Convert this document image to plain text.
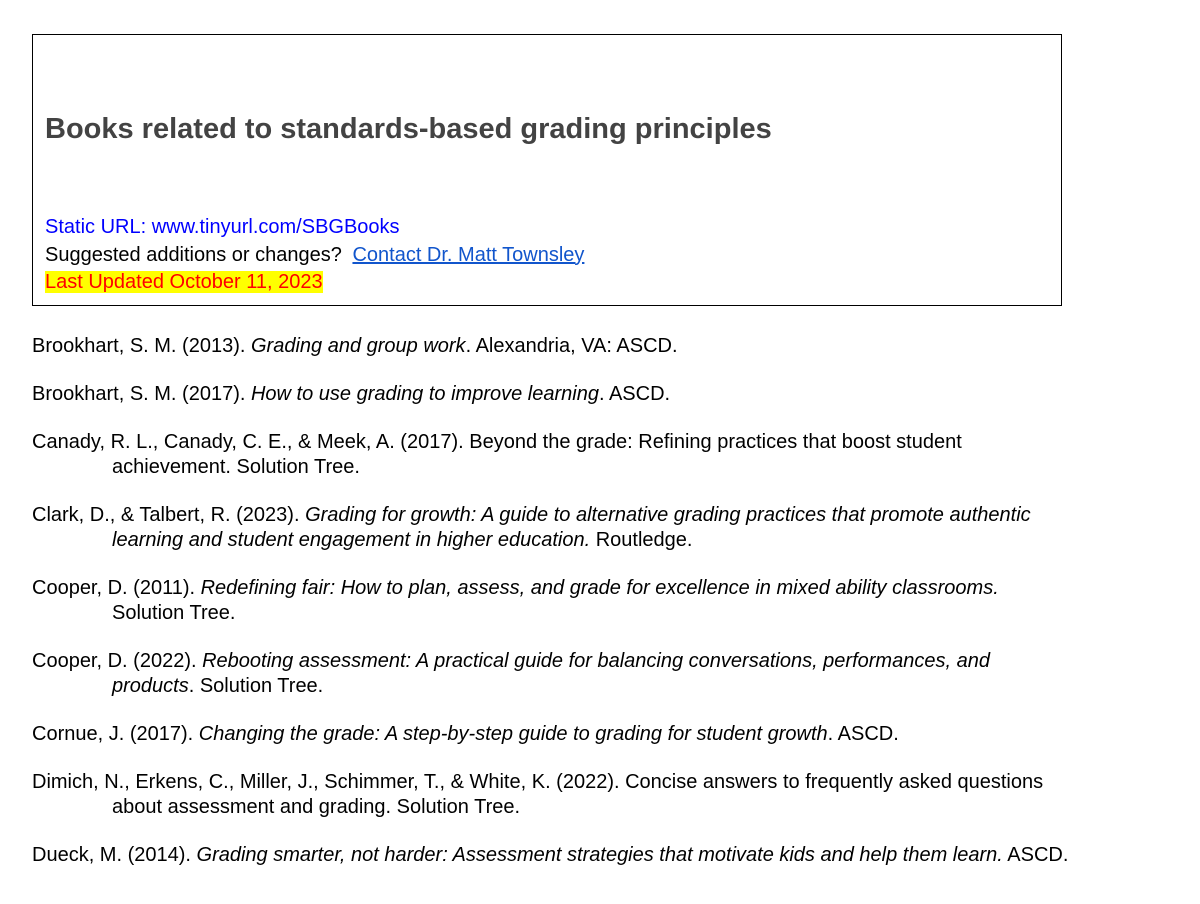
Books related to standards-based grading principles
Static URL: www.tinyurl.com/SBGBooks
Suggested additions or changes? Contact Dr. Matt Townsley
Last Updated October 11, 2023
Brookhart, S. M. (2013). Grading and group work. Alexandria, VA: ASCD.
Brookhart, S. M. (2017). How to use grading to improve learning. ASCD.
Canady, R. L., Canady, C. E., & Meek, A. (2017). Beyond the grade: Refining practices that boost student achievement. Solution Tree.
Clark, D., & Talbert, R. (2023). Grading for growth: A guide to alternative grading practices that promote authentic learning and student engagement in higher education. Routledge.
Cooper, D. (2011). Redefining fair: How to plan, assess, and grade for excellence in mixed ability classrooms. Solution Tree.
Cooper, D. (2022). Rebooting assessment: A practical guide for balancing conversations, performances, and products. Solution Tree.
Cornue, J. (2017). Changing the grade: A step-by-step guide to grading for student growth. ASCD.
Dimich, N., Erkens, C., Miller, J., Schimmer, T., & White, K. (2022). Concise answers to frequently asked questions about assessment and grading. Solution Tree.
Dueck, M. (2014). Grading smarter, not harder: Assessment strategies that motivate kids and help them learn. ASCD.
